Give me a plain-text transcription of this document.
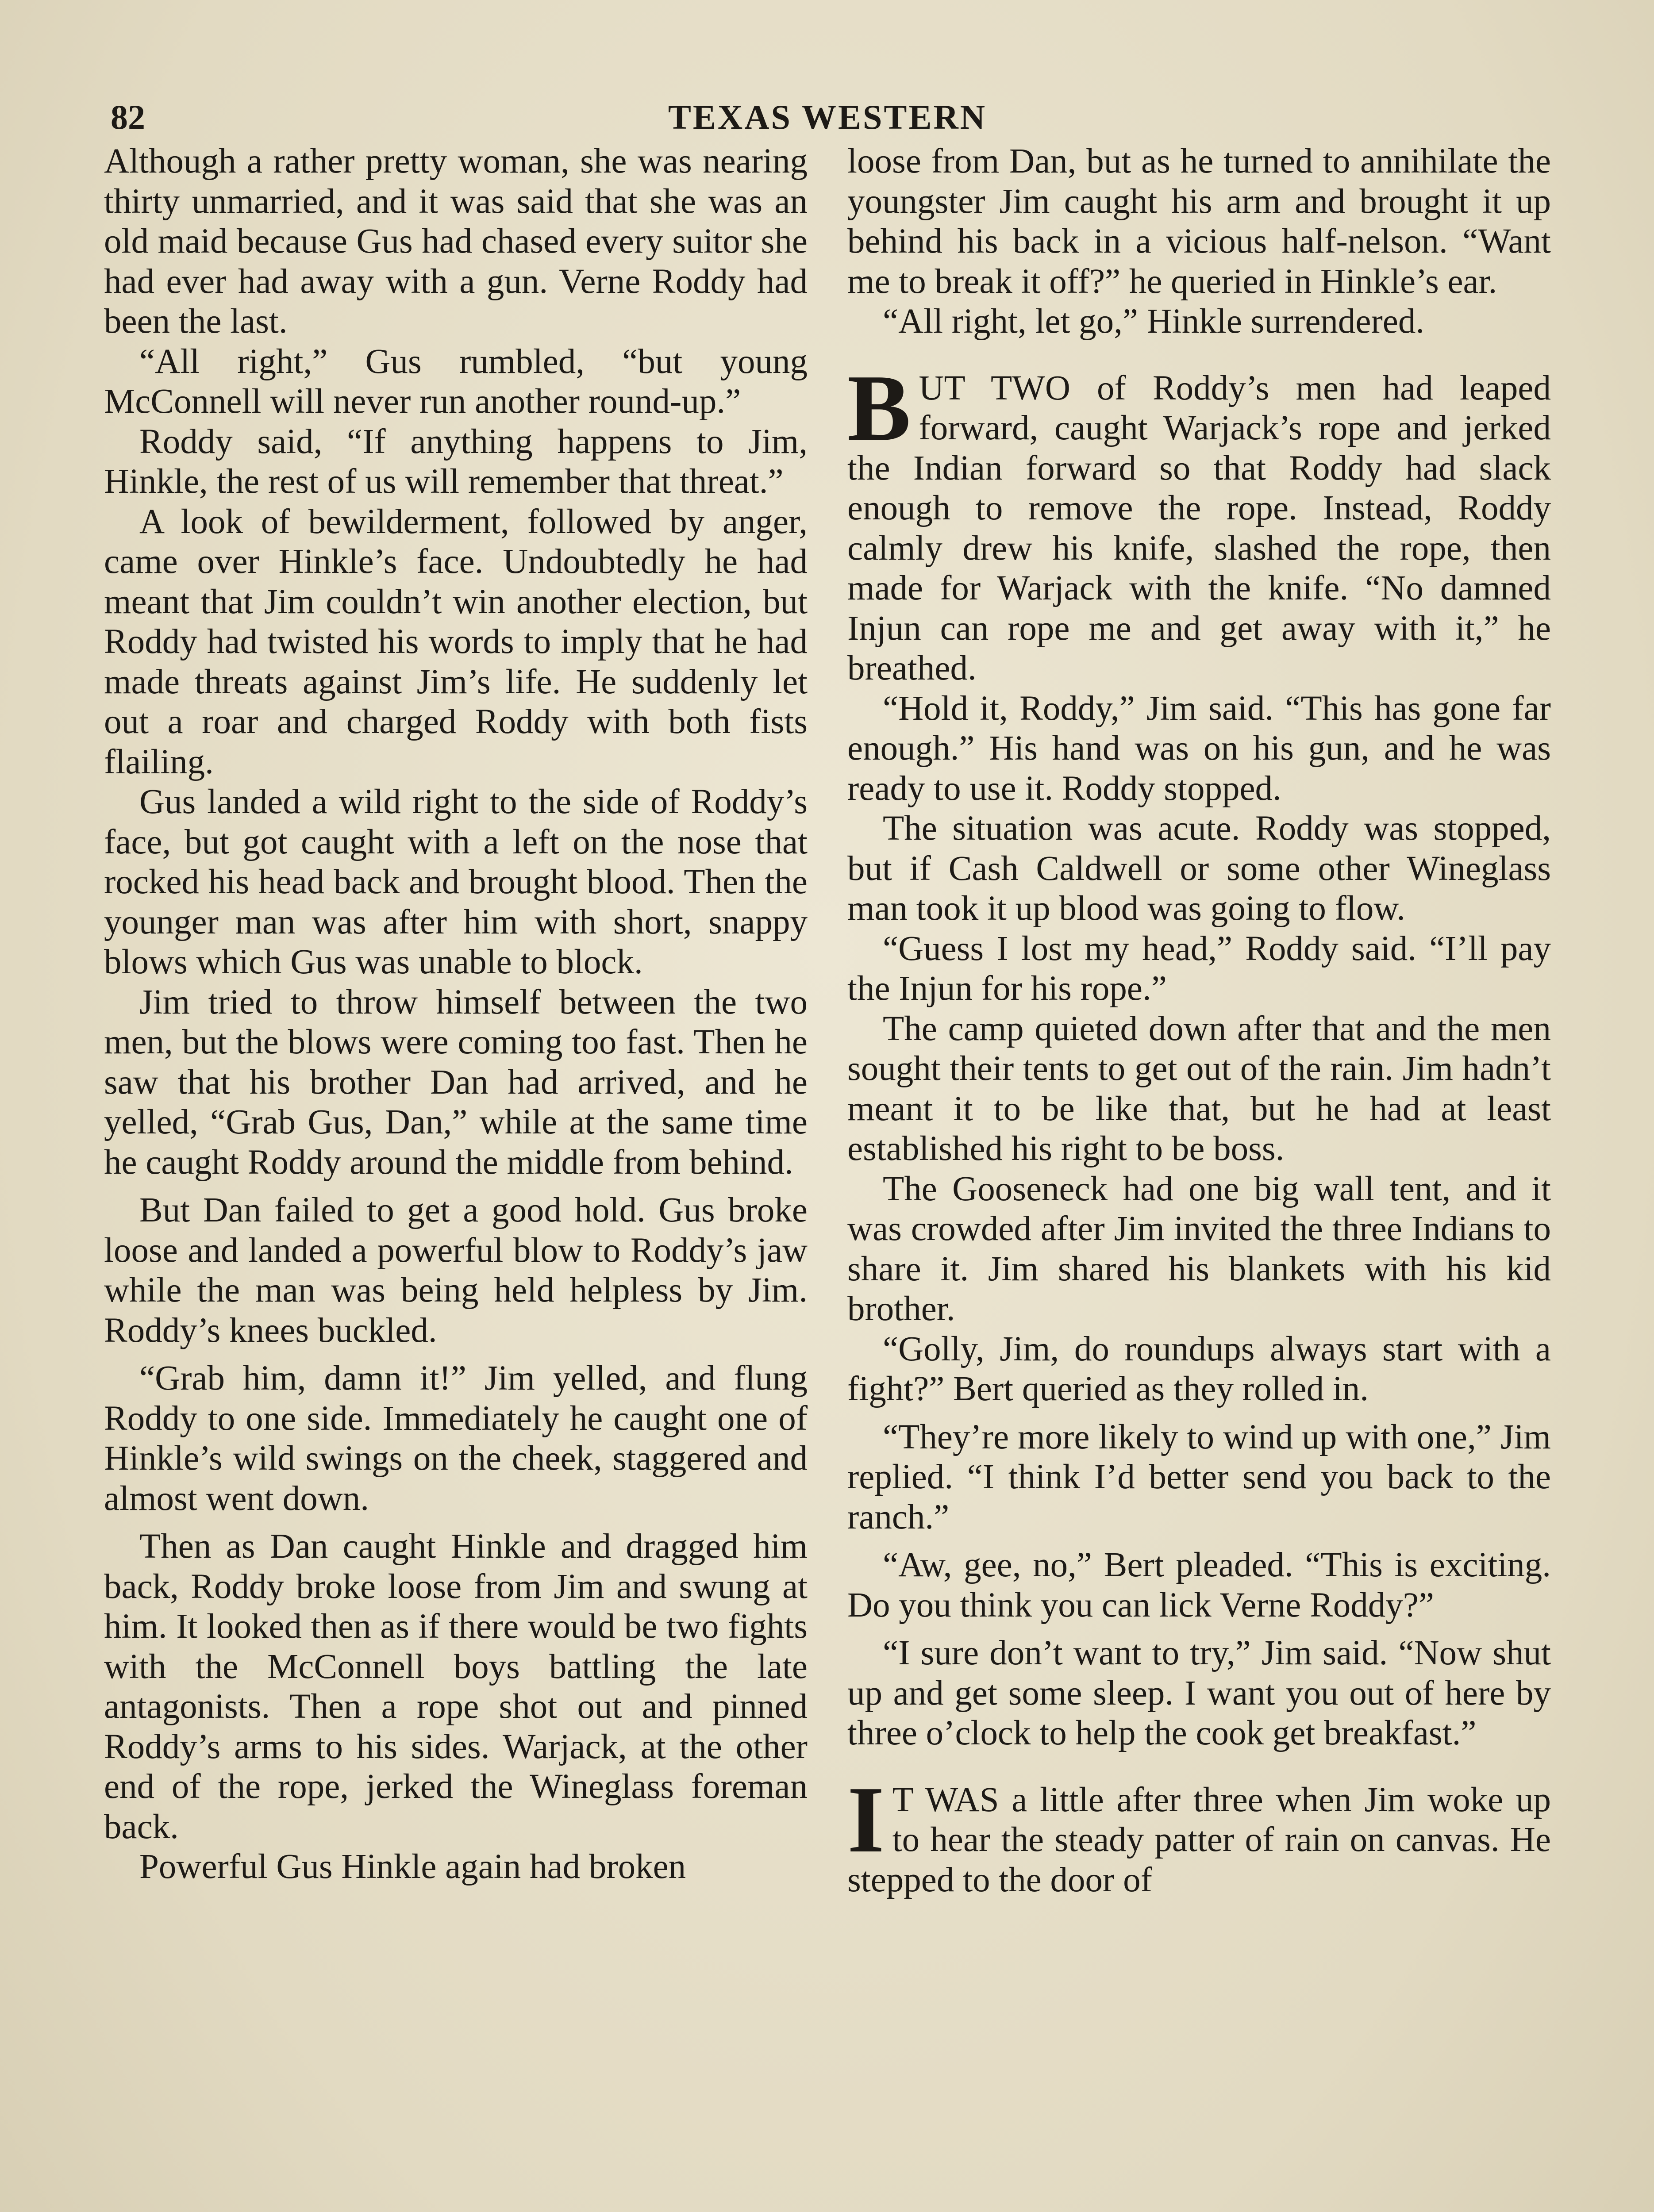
82	TEXAS WESTERN

Although a rather pretty woman, she was nearing thirty unmarried, and it was said that she was an old maid because Gus had chased every suitor she had ever had away with a gun. Verne Roddy had been the last.

“All right,” Gus rumbled, “but young McConnell will never run another round-up.”

Roddy said, “If anything happens to Jim, Hinkle, the rest of us will remember that threat.”

A look of bewilderment, followed by anger, came over Hinkle’s face. Undoubtedly he had meant that Jim couldn’t win another election, but Roddy had twisted his words to imply that he had made threats against Jim’s life. He suddenly let out a roar and charged Roddy with both fists flailing.

Gus landed a wild right to the side of Roddy’s face, but got caught with a left on the nose that rocked his head back and brought blood. Then the younger man was after him with short, snappy blows which Gus was unable to block.

Jim tried to throw himself between the two men, but the blows were coming too fast. Then he saw that his brother Dan had arrived, and he yelled, “Grab Gus, Dan,” while at the same time he caught Roddy around the middle from behind.

But Dan failed to get a good hold. Gus broke loose and landed a powerful blow to Roddy’s jaw while the man was being held helpless by Jim. Roddy’s knees buckled.

“Grab him, damn it!” Jim yelled, and flung Roddy to one side. Immediately he caught one of Hinkle’s wild swings on the cheek, staggered and almost went down.

Then as Dan caught Hinkle and dragged him back, Roddy broke loose from Jim and swung at him. It looked then as if there would be two fights with the McConnell boys battling the late antagonists. Then a rope shot out and pinned Roddy’s arms to his sides. Warjack, at the other end of the rope, jerked the Wineglass foreman back.

Powerful Gus Hinkle again had broken

loose from Dan, but as he turned to annihilate the youngster Jim caught his arm and brought it up behind his back in a vicious half-nelson. “Want me to break it off?” he queried in Hinkle’s ear.

“All right, let go,” Hinkle surrendered.

BUT TWO of Roddy’s men had leaped forward, caught Warjack’s rope and jerked the Indian forward so that Roddy had slack enough to remove the rope. Instead, Roddy calmly drew his knife, slashed the rope, then made for Warjack with the knife. “No damned Injun can rope me and get away with it,” he breathed.

“Hold it, Roddy,” Jim said. “This has gone far enough.” His hand was on his gun, and he was ready to use it. Roddy stopped.

The situation was acute. Roddy was stopped, but if Cash Caldwell or some other Wineglass man took it up blood was going to flow.

“Guess I lost my head,” Roddy said. “I’ll pay the Injun for his rope.”

The camp quieted down after that and the men sought their tents to get out of the rain. Jim hadn’t meant it to be like that, but he had at least established his right to be boss.

The Gooseneck had one big wall tent, and it was crowded after Jim invited the three Indians to share it. Jim shared his blankets with his kid brother.

“Golly, Jim, do roundups always start with a fight?” Bert queried as they rolled in.

“They’re more likely to wind up with one,” Jim replied. “I think I’d better send you back to the ranch.”

“Aw, gee, no,” Bert pleaded. “This is exciting. Do you think you can lick Verne Roddy?”

“I sure don’t want to try,” Jim said. “Now shut up and get some sleep. I want you out of here by three o’clock to help the cook get breakfast.”

I T WAS a little after three when Jim woke up to hear the steady patter of rain on canvas. He stepped to the door of
